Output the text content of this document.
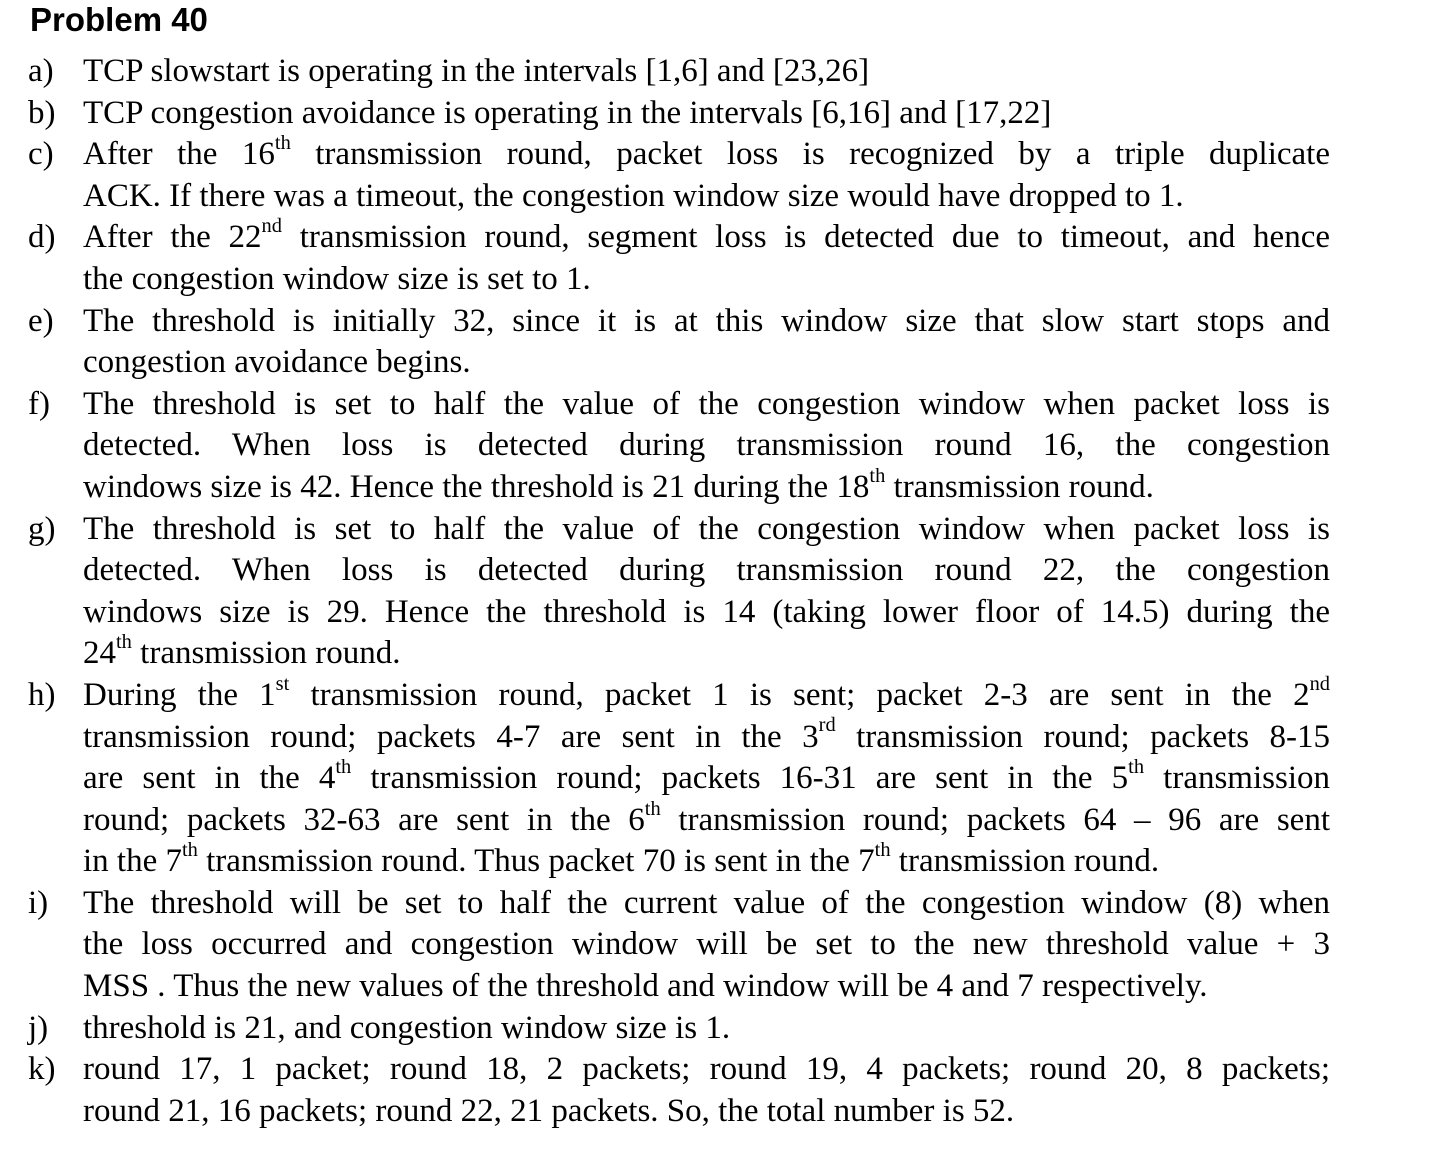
Problem 40
a) TCP slowstart is operating in the intervals [1,6] and [23,26]
b) TCP congestion avoidance is operating in the intervals [6,16] and [17,22]
c) After the 16th transmission round, packet loss is recognized by a triple duplicate
ACK. If there was a timeout, the congestion window size would have dropped to 1.
d) After the 22nd transmission round, segment loss is detected due to timeout, and hence
the congestion window size is set to 1.
e) The threshold is initially 32, since it is at this window size that slow start stops and
congestion avoidance begins.
f)	The threshold is set to half the value of the congestion window when packet loss is
detected. When loss is detected during transmission round 16, the congestion
windows size is 42. Hence the threshold is 21 during the 18th transmission round.
g) The threshold is set to half the value of the congestion window when packet loss is
detected. When loss is detected during transmission round 22, the congestion
windows size is 29. Hence the threshold is 14 (taking lower floor of 14.5) during the
24th transmission round.
h) During the 1st transmission round, packet 1 is sent; packet 2-3 are sent in the 2nd
transmission round; packets 4-7 are sent in the 3rd transmission round; packets 8-15
are sent in the 4th transmission round; packets 16-31 are sent in the 5th transmission
round; packets 32-63 are sent in the 6th transmission round; packets 64 – 96 are sent
in the 7th transmission round. Thus packet 70 is sent in the 7th transmission round.
i)	The threshold will be set to half the current value of the congestion window (8) when
the loss occurred and congestion window will be set to the new threshold value + 3
MSS . Thus the new values of the threshold and window will be 4 and 7 respectively.
j)	threshold is 21, and congestion window size is 1.
k) round 17, 1 packet; round 18, 2 packets; round 19, 4 packets; round 20, 8 packets;
round 21, 16 packets; round 22, 21 packets. So, the total number is 52.
